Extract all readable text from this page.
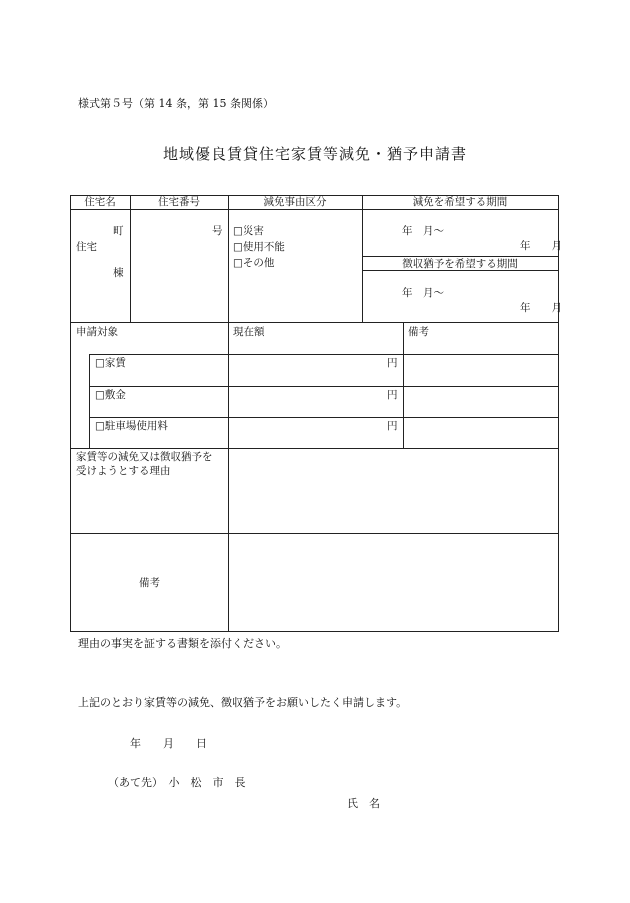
様式第５号（第 14 条，第 15 条関係）
地域優良賃貸住宅家賃等減免・猶予申請書
住宅名	住宅番号	減免事由区分	減免を希望する期間
町
住宅
棟
号
□	災害
□ 使用不能
□ その他
年　月～
年　　月
徴収猶予を希望する期間
年　月～
年　　月
申請対象	現在額	備考
□ 家賃	円
□ 敷金	円
□ 駐車場使用料	円
家賃等の減免又は徴収猶予を
受けようとする理由
備考
理由の事実を証する書類を添付ください。
上記のとおり家賃等の減免、徴収猶予をお願いしたく申請します。
年　　月　　日
（あて先）　小　松　市　長
氏　名
